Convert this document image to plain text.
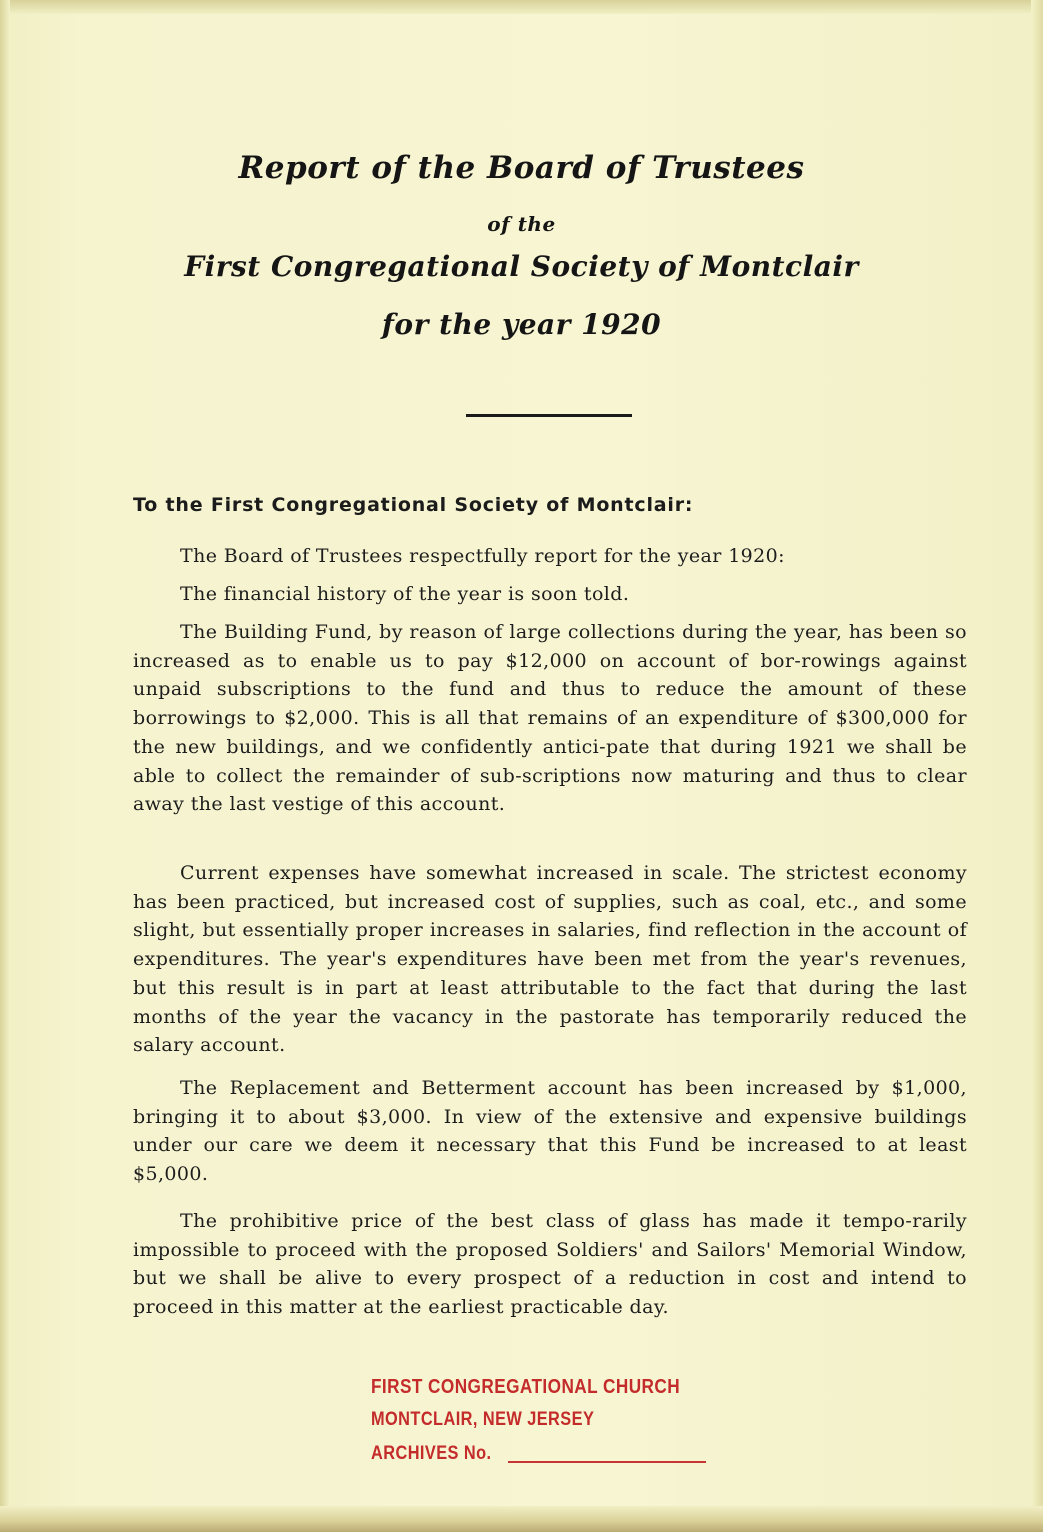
Report of the Board of Trustees
of the
First Congregational Society of Montclair
for the year 1920
To the First Congregational Society of Montclair:
The Board of Trustees respectfully report for the year 1920:
The financial history of the year is soon told.
The Building Fund, by reason of large collections during the year, has been so increased as to enable us to pay $12,000 on account of bor-rowings against unpaid subscriptions to the fund and thus to reduce the amount of these borrowings to $2,000. This is all that remains of an expenditure of $300,000 for the new buildings, and we confidently antici-pate that during 1921 we shall be able to collect the remainder of sub-scriptions now maturing and thus to clear away the last vestige of this account.
Current expenses have somewhat increased in scale. The strictest economy has been practiced, but increased cost of supplies, such as coal, etc., and some slight, but essentially proper increases in salaries, find reflection in the account of expenditures. The year's expenditures have been met from the year's revenues, but this result is in part at least attributable to the fact that during the last months of the year the vacancy in the pastorate has temporarily reduced the salary account.
The Replacement and Betterment account has been increased by $1,000, bringing it to about $3,000. In view of the extensive and expensive buildings under our care we deem it necessary that this Fund be increased to at least $5,000.
The prohibitive price of the best class of glass has made it tempo-rarily impossible to proceed with the proposed Soldiers' and Sailors' Memorial Window, but we shall be alive to every prospect of a reduction in cost and intend to proceed in this matter at the earliest practicable day.
FIRST CONGREGATIONAL CHURCH
MONTCLAIR, NEW JERSEY
ARCHIVES No.
